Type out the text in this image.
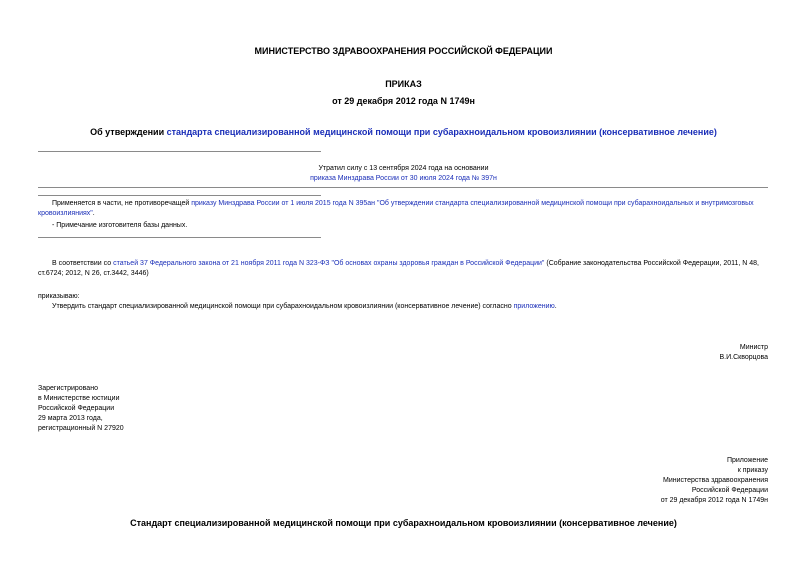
МИНИСТЕРСТВО ЗДРАВООХРАНЕНИЯ РОССИЙСКОЙ ФЕДЕРАЦИИ
ПРИКАЗ
от 29 декабря 2012 года N 1749н
Об утверждении стандарта специализированной медицинской помощи при субарахноидальном кровоизлиянии (консервативное лечение)
Утратил силу с 13 сентября 2024 года на основании
приказа Минздрава России от 30 июля 2024 года № 397н
Применяется в части, не противоречащей приказу Минздрава России от 1 июля 2015 года N 395ан "Об утверждении стандарта специализированной медицинской помощи при субарахноидальных и внутримозговых кровоизлияниях".
- Примечание изготовителя базы данных.
В соответствии со статьей 37 Федерального закона от 21 ноября 2011 года N 323-ФЗ "Об основах охраны здоровья граждан в Российской Федерации" (Собрание законодательства Российской Федерации, 2011, N 48, ст.6724; 2012, N 26, ст.3442, 3446)
приказываю:
Утвердить стандарт специализированной медицинской помощи при субарахноидальном кровоизлиянии (консервативное лечение) согласно приложению.
Министр
В.И.Скворцова
Зарегистрировано
в Министерстве юстиции
Российской Федерации
29 марта 2013 года,
регистрационный N 27920
Приложение
к приказу
Министерства здравоохранения
Российской Федерации
от 29 декабря 2012 года N 1749н
Стандарт специализированной медицинской помощи при субарахноидальном кровоизлиянии (консервативное лечение)
